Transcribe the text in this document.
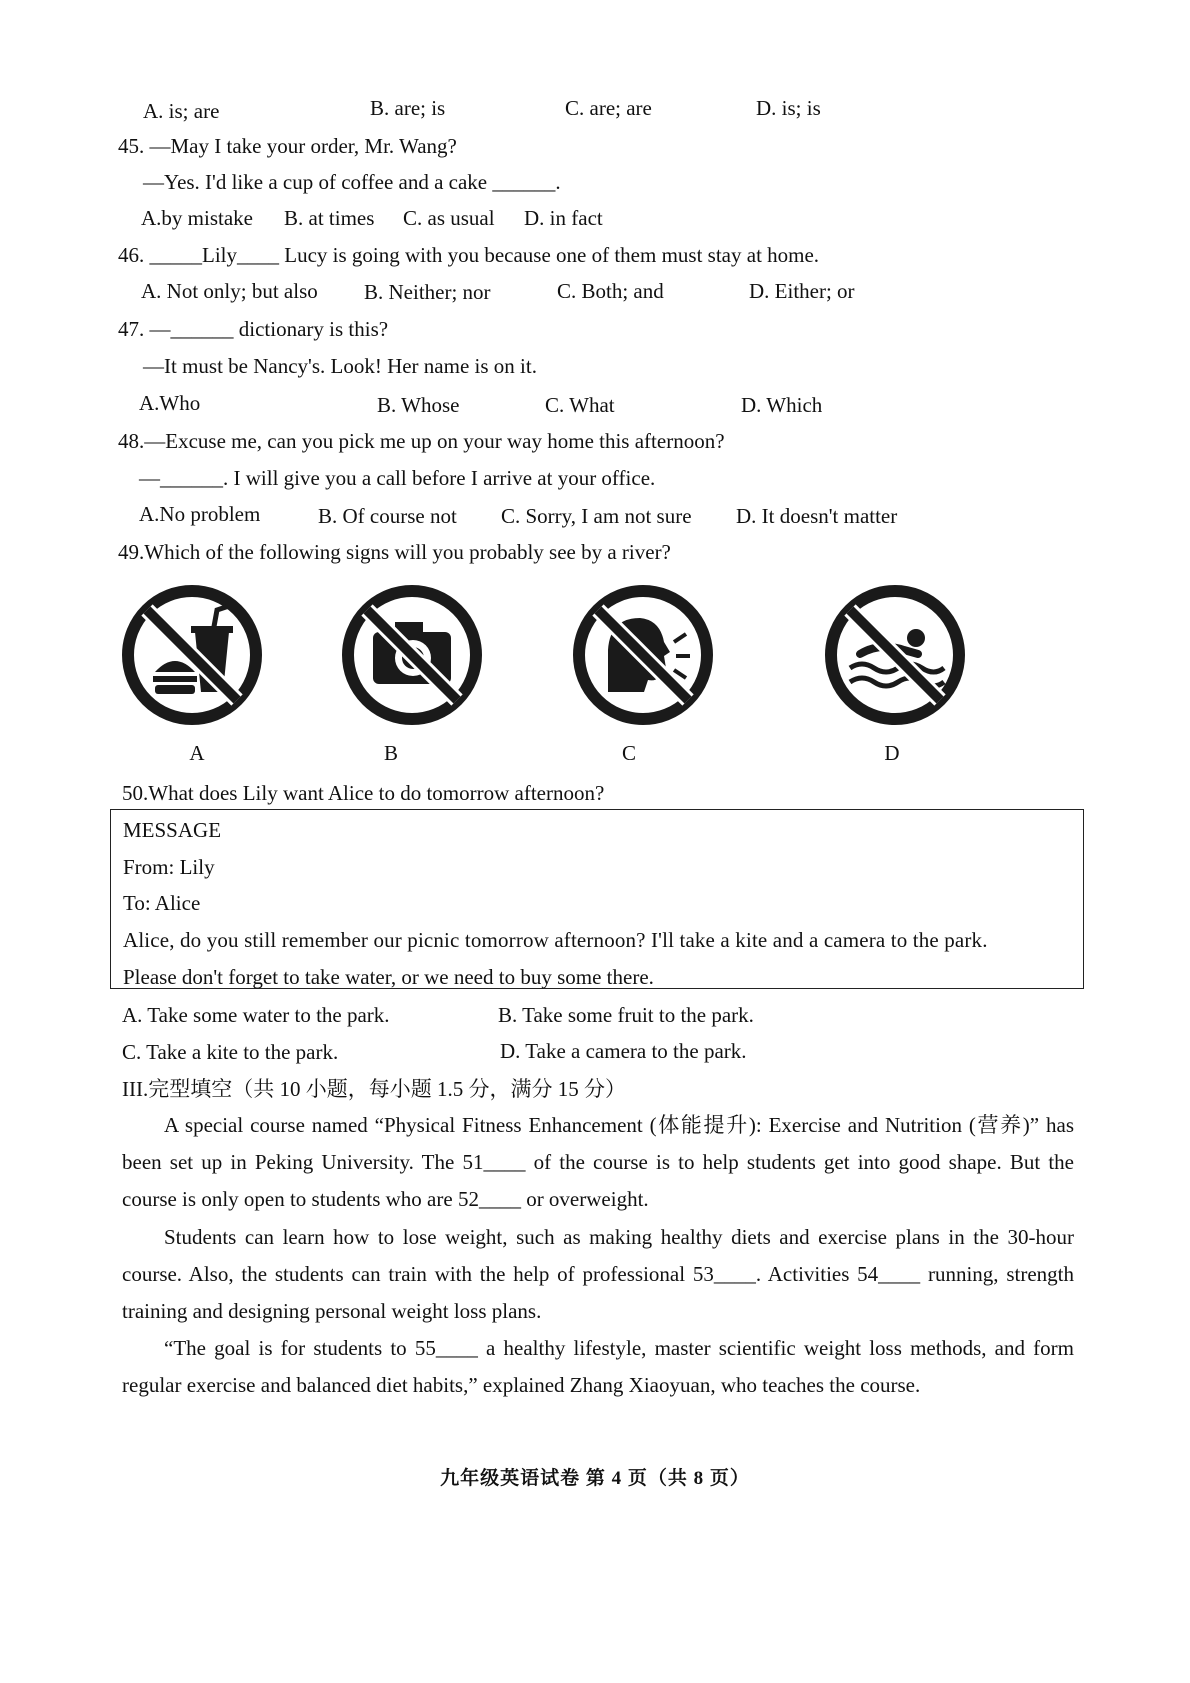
A. is; are	B. are; is	C. are; are	D. is; is
45. —May I take your order, Mr. Wang?
—Yes. I'd like a cup of coffee and a cake ______.
A.by mistake B. at times C. as usual D. in fact
46. _____Lily____ Lucy is going with you because one of them must stay at home.
A. Not only; but also B. Neither; nor	C. Both; and	D. Either; or
47. —______ dictionary is this?
—It must be Nancy's. Look! Her name is on it.
A.Who	B. Whose	C. What	D. Which
48.—Excuse me, can you pick me up on your way home this afternoon?
—______. I will give you a call before I arrive at your office.
A.No problem	B. Of course not C. Sorry, I am not sure D. It doesn't matter
49.Which of the following signs will you probably see by a river?
A	B	C	D
50.What does Lily want Alice to do tomorrow afternoon?
MESSAGE
From: Lily
To: Alice
Alice, do you still remember our picnic tomorrow afternoon? I'll take a kite and a camera to the park.
Please don't forget to take water, or we need to buy some there.
A. Take some water to the park.	B. Take some fruit to the park.
C. Take a kite to the park.	D. Take a camera to the park.
III.完型填空（共 10 小题，每小题 1.5 分，满分 15 分）
A special course named “Physical Fitness Enhancement (体能提升): Exercise and Nutrition (营养)” has been set up in Peking University. The 51____ of the course is to help students get into good shape. But the course is only open to students who are 52____ or overweight.
Students can learn how to lose weight, such as making healthy diets and exercise plans in the 30-hour course. Also, the students can train with the help of professional 53____. Activities 54____ running, strength training and designing personal weight loss plans.
“The goal is for students to 55____ a healthy lifestyle, master scientific weight loss methods, and form regular exercise and balanced diet habits,” explained Zhang Xiaoyuan, who teaches the course.
九年级英语试卷 第 4 页（共 8 页）
